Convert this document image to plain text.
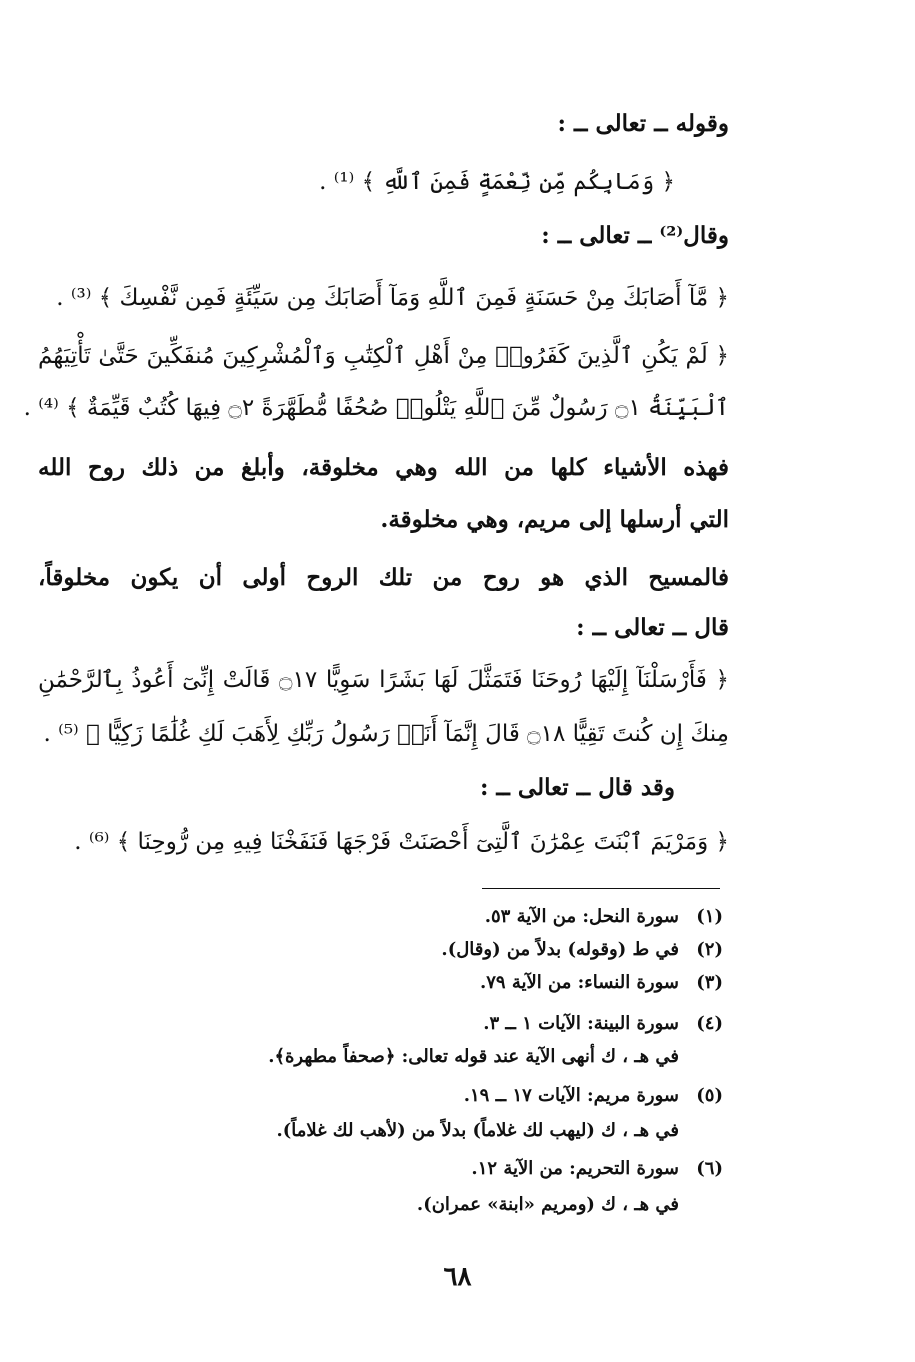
وقوله ــ تعالى ــ :
﴿ وَمَابِكُم مِّن نِّعْمَةٍ فَمِنَ ٱللَّهِ ﴾ ⁽¹⁾ .
وقال⁽²⁾ ــ تعالى ــ :
﴿ مَّآ أَصَابَكَ مِنْ حَسَنَةٍ فَمِنَ ٱللَّهِ وَمَآ أَصَابَكَ مِن سَيِّئَةٍ فَمِن نَّفْسِكَ ﴾ ⁽³⁾ .
﴿ لَمْ يَكُنِ ٱلَّذِينَ كَفَرُوا۟ مِنْ أَهْلِ ٱلْكِتَٰبِ وَٱلْمُشْرِكِينَ مُنفَكِّينَ حَتَّىٰ تَأْتِيَهُمُ
ٱلْبَيِّنَةُ ۝١ رَسُولٌ مِّنَ ٱللَّهِ يَتْلُوا۟ صُحُفًا مُّطَهَّرَةً ۝٢ فِيهَا كُتُبٌ قَيِّمَةٌ ﴾ ⁽⁴⁾ .
فهذه الأشياء كلها من الله وهي مخلوقة، وأبلغ من ذلك روح الله
التي أرسلها إلى مريم، وهي مخلوقة.
فالمسيح الذي هو روح من تلك الروح أولى أن يكون مخلوقاً،
قال ــ تعالى ــ :
﴿ فَأَرْسَلْنَآ إِلَيْهَا رُوحَنَا فَتَمَثَّلَ لَهَا بَشَرًا سَوِيًّا ۝١٧ قَالَتْ إِنِّىٓ أَعُوذُ بِٱلرَّحْمَٰنِ
مِنكَ إِن كُنتَ تَقِيًّا ۝١٨ قَالَ إِنَّمَآ أَنَا۠ رَسُولُ رَبِّكِ لِأَهَبَ لَكِ غُلَٰمًا زَكِيًّا ﴾ ⁽⁵⁾ .
وقد قال ــ تعالى ــ :
﴿ وَمَرْيَمَ ٱبْنَتَ عِمْرَٰنَ ٱلَّتِىٓ أَحْصَنَتْ فَرْجَهَا فَنَفَخْنَا فِيهِ مِن رُّوحِنَا ﴾ ⁽⁶⁾ .
(١)سورة النحل: من الآية ٥٣.
(٢)في ط (وقوله) بدلاً من (وقال).
(٣)سورة النساء: من الآية ٧٩.
(٤)سورة البينة: الآيات ١ ــ ٣.
في هـ ، ك أنهى الآية عند قوله تعالى: ﴿صحفاً مطهرة﴾.
(٥)سورة مريم: الآيات ١٧ ــ ١٩.
في هـ ، ك (ليهب لك غلاماً) بدلاً من (لأهب لك غلاماً).
(٦)سورة التحريم: من الآية ١٢.
في هـ ، ك (ومريم «ابنة» عمران).
٦٨
